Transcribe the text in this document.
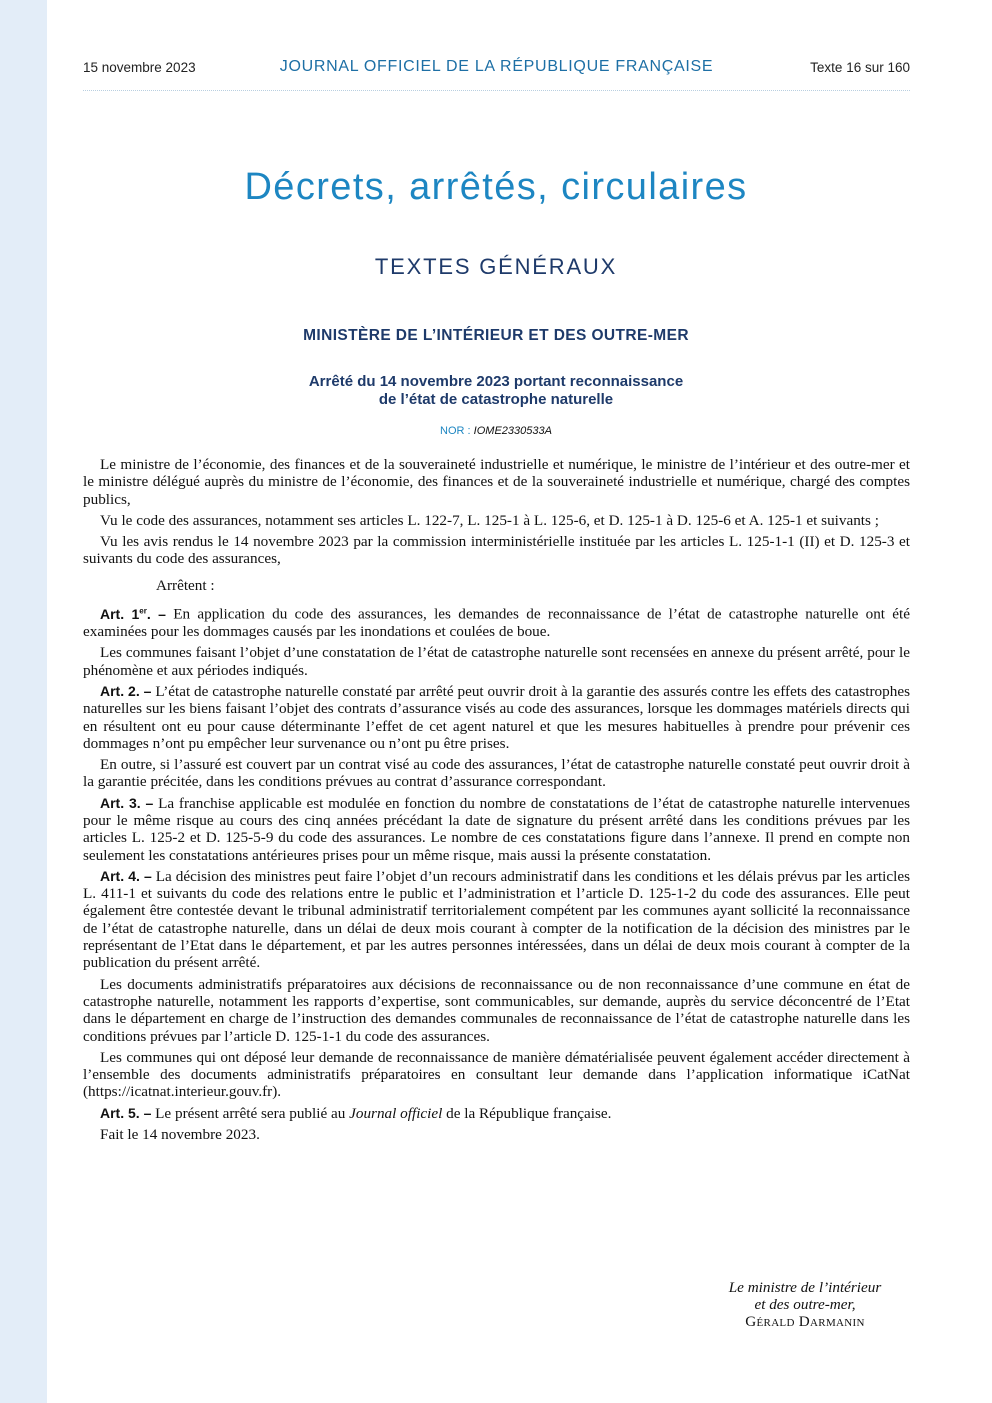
15 novembre 2023	JOURNAL OFFICIEL DE LA RÉPUBLIQUE FRANÇAISE	Texte 16 sur 160
Décrets, arrêtés, circulaires
TEXTES GÉNÉRAUX
MINISTÈRE DE L’INTÉRIEUR ET DES OUTRE-MER
Arrêté du 14 novembre 2023 portant reconnaissance
de l’état de catastrophe naturelle
NOR : IOME2330533A

Le ministre de l’économie, des finances et de la souveraineté industrielle et numérique, le ministre de l’intérieur et des outre-mer et le ministre délégué auprès du ministre de l’économie, des finances et de la souveraineté industrielle et numérique, chargé des comptes publics,

Vu le code des assurances, notamment ses articles L. 122-7, L. 125-1 à L. 125-6, et D. 125-1 à D. 125-6 et A. 125-1 et suivants ;

Vu les avis rendus le 14 novembre 2023 par la commission interministérielle instituée par les articles L. 125-1-1 (II) et D. 125-3 et suivants du code des assurances,

Arrêtent :

Art. 1er. – En application du code des assurances, les demandes de reconnaissance de l’état de catastrophe naturelle ont été examinées pour les dommages causés par les inondations et coulées de boue.

Les communes faisant l’objet d’une constatation de l’état de catastrophe naturelle sont recensées en annexe du présent arrêté, pour le phénomène et aux périodes indiqués.

Art. 2. – L’état de catastrophe naturelle constaté par arrêté peut ouvrir droit à la garantie des assurés contre les effets des catastrophes naturelles sur les biens faisant l’objet des contrats d’assurance visés au code des assurances, lorsque les dommages matériels directs qui en résultent ont eu pour cause déterminante l’effet de cet agent naturel et que les mesures habituelles à prendre pour prévenir ces dommages n’ont pu empêcher leur survenance ou n’ont pu être prises.

En outre, si l’assuré est couvert par un contrat visé au code des assurances, l’état de catastrophe naturelle constaté peut ouvrir droit à la garantie précitée, dans les conditions prévues au contrat d’assurance correspondant.

Art. 3. – La franchise applicable est modulée en fonction du nombre de constatations de l’état de catastrophe naturelle intervenues pour le même risque au cours des cinq années précédant la date de signature du présent arrêté dans les conditions prévues par les articles L. 125-2 et D. 125-5-9 du code des assurances. Le nombre de ces constatations figure dans l’annexe. Il prend en compte non seulement les constatations antérieures prises pour un même risque, mais aussi la présente constatation.

Art. 4. – La décision des ministres peut faire l’objet d’un recours administratif dans les conditions et les délais prévus par les articles L. 411-1 et suivants du code des relations entre le public et l’administration et l’article D. 125-1-2 du code des assurances. Elle peut également être contestée devant le tribunal administratif territorialement compétent par les communes ayant sollicité la reconnaissance de l’état de catastrophe naturelle, dans un délai de deux mois courant à compter de la notification de la décision des ministres par le représentant de l’Etat dans le département, et par les autres personnes intéressées, dans un délai de deux mois courant à compter de la publication du présent arrêté.

Les documents administratifs préparatoires aux décisions de reconnaissance ou de non reconnaissance d’une commune en état de catastrophe naturelle, notamment les rapports d’expertise, sont communicables, sur demande, auprès du service déconcentré de l’Etat dans le département en charge de l’instruction des demandes communales de reconnaissance de l’état de catastrophe naturelle dans les conditions prévues par l’article D. 125-1-1 du code des assurances.

Les communes qui ont déposé leur demande de reconnaissance de manière dématérialisée peuvent également accéder directement à l’ensemble des documents administratifs préparatoires en consultant leur demande dans l’application informatique iCatNat (https://icatnat.interieur.gouv.fr).

Art. 5. – Le présent arrêté sera publié au Journal officiel de la République française.

Fait le 14 novembre 2023.

Le ministre de l’intérieur
et des outre-mer,
Gérald Darmanin
